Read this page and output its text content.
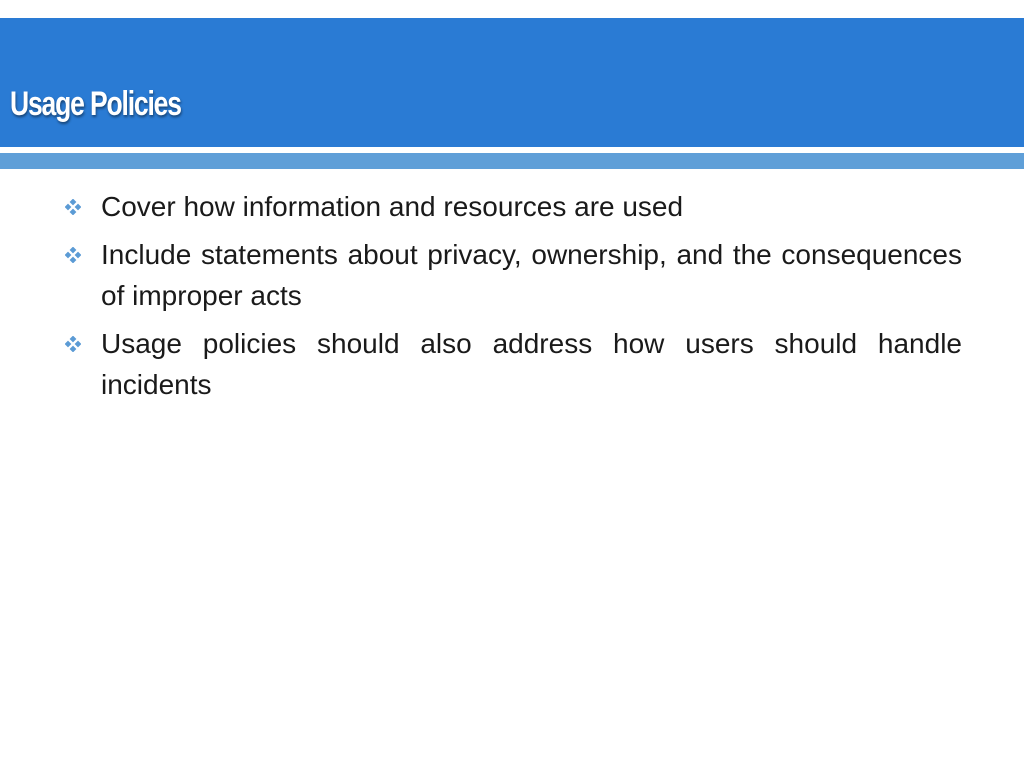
Usage Policies
Cover how information and resources are used
Include statements about privacy, ownership, and the consequences of improper acts
Usage policies should also address how users should handle incidents
